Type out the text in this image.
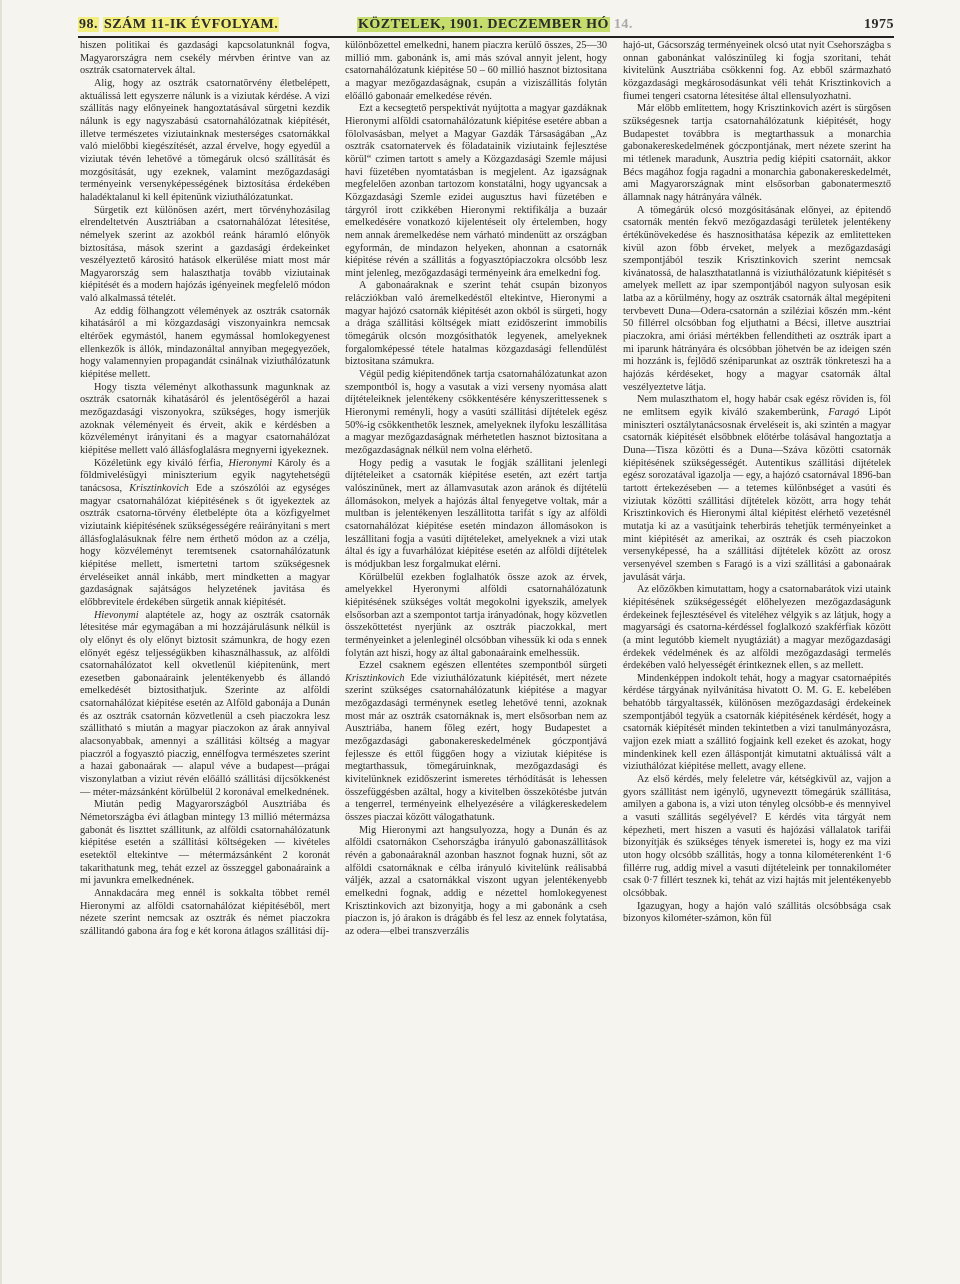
98. SZÁM 11-IK ÉVFOLYAM.	KÖZTELEK, 1901. DECZEMBER HÓ 14.	1975

hiszen politikai és gazdasági kapcsolatunknál fogva, Magyarországra nem csekély mérvben érintve van az osztrák csatornatervek által.

Alig, hogy az osztrák csatornatörvény életbelépett, aktuálissá lett egyszerre nálunk is a viziutak kérdése. A vizi szállítás nagy előnyeinek hangoztatásával sürgetni kezdik nálunk is egy nagyszabású csatornahálózatnak kiépítését, illetve természetes viziutainknak mesterséges csatornákkal való mielőbbi kiegészítését, azzal érvelve, hogy egyedül a viziutak tévén lehetővé a tömegáruk olcsó szállítását és mozgósítását, ugy ezeknek, valamint mezőgazdasági terményeink versenyképességének biztosítása érdekében haladéktalanul ki kell épitenünk viziuthálózatunkat.

Sürgetik ezt különösen azért, mert törvényhozásilag elrendeltetvén Ausztriában a csatornahálózat létesitése, némelyek szerint az azokból reánk háramló előnyök biztosítása, mások szerint a gazdasági érdekeinket veszélyeztető kárositó hatások elkerülése miatt most már Magyarország sem halaszthatja tovább viziutainak kiépitését és a modern hajózás igényeinek megfelelő módon való alkalmassá tételét.

Az eddig fölhangzott vélemények az osztrák csatornák kihatásáról a mi közgazdasági viszonyainkra nemcsak eltérőek egymástól, hanem egymással homlokegyenest ellenkezők is állók, mindazonáltal annyiban megegyezőek, hogy valamennyien propagandát csinálnak viziuthálózatunk kiépitése mellett.

Hogy tiszta véleményt alkothassunk magunknak az osztrák csatornák kihatásáról és jelentőségéről a hazai mezőgazdasági viszonyokra, szükséges, hogy ismerjük azoknak véleményeit és érveit, akik e kérdésben a közvéleményt irányitani és a magyar csatornahálózat kiépitése mellett való állásfoglalásra megnyerni igyekeznek.

Közéletünk egy kiváló férfia, Hieronymi Károly és a földmivelésügyi miniszterium egyik nagytehetségű tanácsosa, Krisztinkovich Ede a szószólói az egységes magyar csatornahálózat kiépitésének s őt igyekeztek az osztrák csatorna-törvény életbelépte óta a közfigyelmet viziutaink kiépitésének szükségességére reáirányitani s mert állásfoglalásuknak félre nem érthető módon az a czélja, hogy közvéleményt teremtsenek csatornahálózatunk kiépitése mellett, ismertetni tartom szükségesnek érveléseiket annál inkább, mert mindketten a magyar gazdaságnak sajátságos helyzetének javitása és előbbrevitele érdekében sürgetik annak kiépitését.

Hievonymi alaptétele az, hogy az osztrák csatornák létesitése már egymagában a mi hozzájárulásunk nélkül is oly előnyt és oly előnyt biztosit számunkra, de hogy ezen előnyét egész teljességükben kihasználhassuk, az alföldi csatornahálózatot kell okvetlenül kiépitenünk, mert ezesetben gabonaáraink jelentékenyebb és állandó emelkedését biztosithatjuk. Szerinte az alföldi csatornahálózat kiépitése esetén az Alföld gabonája a Dunán és az osztrák csatornán közvetlenül a cseh piaczokra lesz szállitható s miután a magyar piaczokon az árak annyival alacsonyabbak, amennyi a szállitási költség a magyar piaczról a fogyasztó piaczig, ennélfogva természetes szerint a hazai gabonaárak — alapul véve a budapest—prágai viszonylatban a viziut révén előálló szállitási díjcsökkenést — méter-mázsánként körülbelül 2 koronával emelkednének.

Miután pedig Magyarországból Ausztriába és Németországba évi átlagban mintegy 13 millió métermázsa gabonát és liszttet szállitunk, az alföldi csatornahálózatunk kiépitése esetén a szállitási költségeken — kivételes esetektől eltekintve — métermázsánként 2 koronát takarithatunk meg, tehát ezzel az összeggel gabonaáraink a mi javunkra emelkednének.

Annakdacára meg ennél is sokkalta többet remél Hieronymi az alföldi csatornahálózat kiépitéséből, mert nézete szerint nemcsak az osztrák és német piaczokra szállitandó gabona ára fog e két korona átlagos szállitási díj-

különbözettel emelkedni, hanem piaczra kerülő összes, 25—30 millió mm. gabonánk is, ami más szóval annyit jelent, hogy csatornahálózatunk kiépitése 50 – 60 millió hasznot biztositana a magyar mezőgazdaságnak, csupán a viziszállitás folytán előálló gabonaár emelkedése révén.

Ezt a kecsegtető perspektivát nyújtotta a magyar gazdáknak Hieronymi alföldi csatornahálózatunk kiépitése esetére abban a fölolvasásban, melyet a Magyar Gazdák Társaságában „Az osztrák csatornatervek és föladatainik viziutaink fejlesztése körül“ czimen tartott s amely a Közgazdasági Szemle májusi havi füzetében nyomtatásban is megjelent. Az igazságnak megfelelően azonban tartozom konstatálni, hogy ugyancsak a Közgazdasági Szemle ezidei augusztus havi füzetében e tárgyról irott czikkében Hieronymi rektifikálja a buzaár emelkedésére vonatkozó kijelentéseit oly értelemben, hogy nem annak áremelkedése nem várható mindenütt az országban egyformán, de mindazon helyeken, ahonnan a csatornák kiépitése révén a szállitás a fogyasztópiaczokra olcsóbb lesz mint jelenleg, mezőgazdasági terményeink ára emelkedni fog.

A gabonaáraknak e szerint tehát csupán bizonyos relácziókban való áremelkedéstől eltekintve, Hieronymi a magyar hajózó csatornák kiépitését azon okból is sürgeti, hogy a drága szállitási költségek miatt ezidőszerint immobilis tömegárúk olcsón mozgósithatók legyenek, amelyeknek forgalomképessé tétele hatalmas közgazdasági fellendülést biztositana számukra.

Végül pedig kiépitendőnek tartja csatornahálózatunkat azon szempontból is, hogy a vasutak a vizi verseny nyomása alatt díjtételeiknek jelentékeny csökkentésére kényszerittessenek s Hieronymi reményli, hogy a vasúti szállitási díjtételek egész 50%-ig csökkenthetők lesznek, amelyeknek ilyfoku leszállitása a magyar mezőgazdaságnak mérhetetlen hasznot biztositana a mezőgazdaságnak nélkül nem volna elérhető.

Hogy pedig a vasutak le fogják szállitani jelenlegi díjtételeiket a csatornák kiépitése esetén, azt ezért tartja valószinünek, mert az államvasutak azon aránok és díjtételü állomásokon, melyek a hajózás által fenyegetve voltak, már a multban is jelentékenyen leszállitotta tarifát s így az alföldi csatornahálózat kiépitése esetén mindazon állomásokon is leszállitani fogja a vasúti díjtételeket, amelyeknek a vizi utak által és így a fuvarhálózat kiépitése esetén az alföldi díjtételek is módjukban lesz forgalmukat elérni.

Körülbelül ezekben foglalhatók össze azok az érvek, amelyekkel Hyeronymi alföldi csatornahálózatunk kiépitésének szükséges voltát megokolni igyekszik, amelyek elsősorban azt a szempontot tartja irányadónak, hogy közvetlen összeköttetést nyerjünk az osztrák piaczokkal, mert terményeinket a jelenleginél olcsóbban vihessük ki oda s ennek folytán azt hiszi, hogy az által gabonaáraink emelhessük.

Ezzel csaknem egészen ellentétes szempontból sürgeti Krisztinkovich Ede viziuthálózatunk kiépitését, mert nézete szerint szükséges csatornahálózatunk kiépitése a magyar mezőgazdasági terménynek esetleg lehetővé tenni, azoknak most már az osztrák csatornáknak is, mert elsősorban nem az Ausztriába, hanem főleg ezért, hogy Budapestet a mezőgazdasági gabonakereskedelmének góczpontjává fejlessze és ettől függően hogy a viziutak kiépitése is megtarthassuk, tömegáruinknak, mezőgazdasági és kivitelünknek ezidőszerint ismeretes térhódítását is lehessen összefüggésben azáltal, hogy a kivitelben összekötésbe jutván a tengerrel, terményeink elhelyezésére a világkereskedelem összes piaczai között válogathatunk.

Mig Hieronymi azt hangsulyozza, hogy a Dunán és az alföldi csatornákon Csehországba irányuló gabonaszállitások révén a gabonaáraknál azonban hasznot fognak huzni, sőt az alföldi csatornáknak e célba irányuló kivitelünk reálisabbá váljék, azzal a csatornákkal viszont ugyan jelentékenyebb emelkedni fognak, addig e nézettel homlokegyenest Krisztinkovich azt bizonyitja, hogy a mi gabonánk a cseh piaczon is, jó árakon is drágább és fel lesz az ennek folytatása, az odera—elbei transzverzális

hajó-ut, Gácsország terményeinek olcsó utat nyit Csehországba s onnan gabonánkat valószinüleg ki fogja szoritani, tehát kivitelünk Ausztriába csökkenni fog. Az ebből származható közgazdasági megkárosodásunkat véli tehát Krisztinkovich a fiumei tengeri csatorna létesitése által ellensulyozhatni.

Már előbb említettem, hogy Krisztinkovich azért is sürgősen szükségesnek tartja csatornahálózatunk kiépitését, hogy Budapestet továbbra is megtarthassuk a monarchia gabonakereskedelmének góczpontjának, mert nézete szerint ha mi tétlenek maradunk, Ausztria pedig kiépiti csatornáit, akkor Bécs magához fogja ragadni a monarchia gabonakereskedelmét, ami Magyarországnak mint elsősorban gabonatermesztő államnak nagy hátrányára válnék.

A tömegárúk olcsó mozgósitásának előnyei, az épitendő csatornák mentén fekvő mezőgazdasági területek jelentékeny értékünövekedése és hasznosithatása képezik az emlitetteken kivül azon főbb érveket, melyek a mezőgazdasági szempontjából teszik Krisztinkovich szerint nemcsak kivánatossá, de halaszthatatlanná is viziuthálózatunk kiépitését s amelyek mellett az ipar szempontjából nagyon sulyosan esik latba az a körülmény, hogy az osztrák csatornák által megépiteni tervbevett Duna—Odera-csatornán a sziléziai kőszén mm.-ként 50 fillérrel olcsóbban fog eljuthatni a Bécsi, illetve ausztriai piaczokra, ami óriási mértékben fellendítheti az osztrák ipart a mi iparunk hátrányára és olcsóbban jöhetvén be az ideigen szén mi hozzánk is, fejlődő széniparunkat az osztrák tönkreteszi ha a hajózás kérdéseket, hogy a magyar csatornák által veszélyeztetve látja.

Nem mulaszthatom el, hogy habár csak egész röviden is, föl ne emlitsem egyik kiváló szakemberünk, Faragó Lipót miniszteri osztálytanácsosnak érveléseit is, aki szintén a magyar csatornák kiépitését elsőbbnek előtérbe tolásával hangoztatja a Duna—Tisza közötti és a Duna—Száva közötti csatornák kiépitésének szükségességét. Autentikus szállitási díjtételek egész sorozatával igazolja — egy, a hajózó csatornával 1896-ban tartott értekezéseben — a tetemes különbséget a vasúti és viziutak közötti szállitási díjtételek között, arra hogy tehát Krisztinkovich és Hieronymi által kiépitést elérhető vezetésnél mutatja ki az a vasútjaink teherbirás tehetjük terményeinket a mint kiépitését az amerikai, az osztrák és cseh piaczokon versenyképessé, ha a szállitási díjtételek között az orosz versenyével szemben s Faragó is a vizi szállitási a gabonaárak javulását várja.

Az előzőkben kimutattam, hogy a csatornabarátok vizi utaink kiépitésének szükségességét előhelyezen mezőgazdaságunk érdekeinek fejlesztésével és viteléhez vélgyik s az látjuk, hogy a magyarsági és csatorna-kérdéssel foglalkozó szakférfiak között (a mint legutóbb kiemelt nyugtáziát) a magyar mezőgazdasági érdekek védelmének és az alföldi mezőgazdasági termelés érdekében való helyességét érintkeznek ellen, s az mellett.

Mindenképpen indokolt tehát, hogy a magyar csatornaépités kérdése tárgyának nyilvánítása hivatott O. M. G. E. kebelében behatóbb tárgyaltassék, különösen mezőgazdasági érdekeinek szempontjából tegyük a csatornák kiépitésének kérdését, hogy a csatornák kiépítését minden tekintetben a vizi tanulmányozásra, vajjon ezek miatt a szállitó fogjaink kell ezeket és azokat, hogy mindenkinek kell ezen álláspontját kimutatni aktuálissá vált a viziuthálózat kiépitése mellett, avagy ellene.

Az első kérdés, mely feleletre vár, kétségkivül az, vajjon a gyors szállitást nem igénylő, ugyneveztt tömegárúk szállitása, amilyen a gabona is, a vizi uton tényleg olcsóbb-e és mennyivel a vasuti szállitás segélyével? E kérdés vita tárgyát nem képezheti, mert hiszen a vasuti és hajózási vállalatok tarifái bizonyítják és szükséges tények ismeretei is, hogy ez ma vizi uton hogy olcsóbb szállitás, hogy a tonna kilométerenként 1·6 fillérre rug, addig mivel a vasuti díjtételeink per tonnakilométer csak 0·7 fillért tesznek ki, tehát az vizi hajtás mit jelentékenyebb olcsóbbak.

Igazugyan, hogy a hajón való szállitás olcsóbbsága csak bizonyos kilométer-számon, kön fül
